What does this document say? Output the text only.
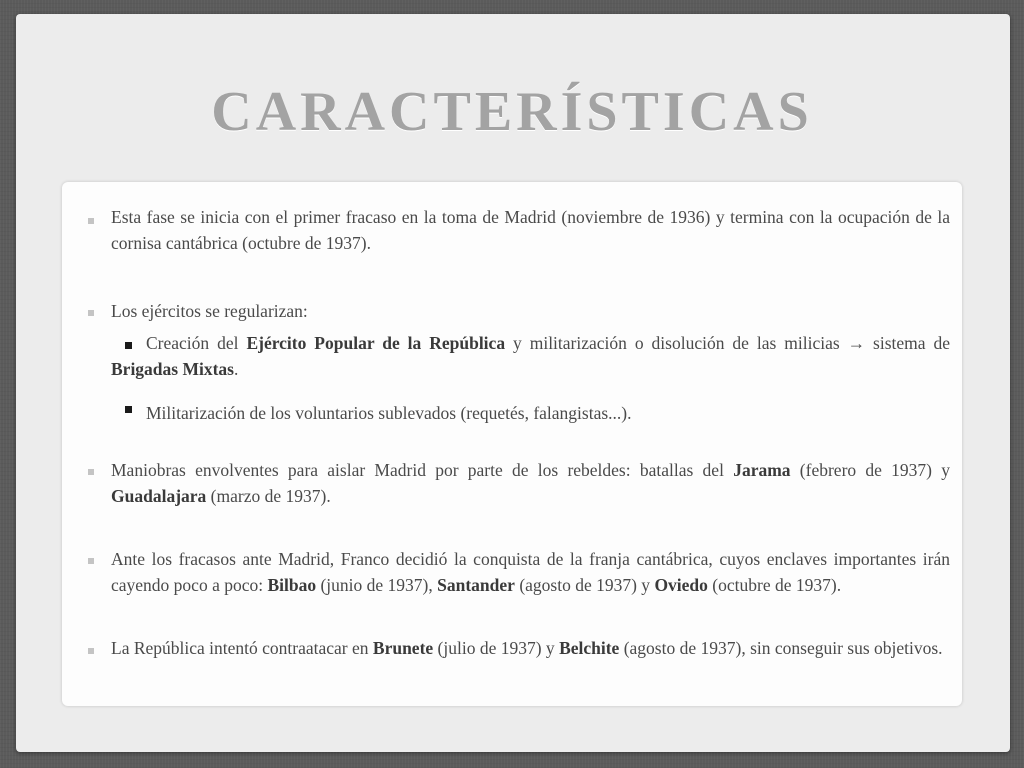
CARACTERÍSTICAS
Esta fase se inicia con el primer fracaso en la toma de Madrid (noviembre de 1936) y termina con la ocupación de la cornisa cantábrica (octubre de 1937).
Los ejércitos se regularizan:
Creación del Ejército Popular de la República y militarización o disolución de las milicias → sistema de Brigadas Mixtas.
Militarización de los voluntarios sublevados (requetés, falangistas...).
Maniobras envolventes para aislar Madrid por parte de los rebeldes: batallas del Jarama (febrero de 1937) y Guadalajara (marzo de 1937).
Ante los fracasos ante Madrid, Franco decidió la conquista de la franja cantábrica, cuyos enclaves importantes irán cayendo poco a poco: Bilbao (junio de 1937), Santander (agosto de 1937) y Oviedo (octubre de 1937).
La República intentó contraatacar en Brunete (julio de 1937) y Belchite (agosto de 1937), sin conseguir sus objetivos.
